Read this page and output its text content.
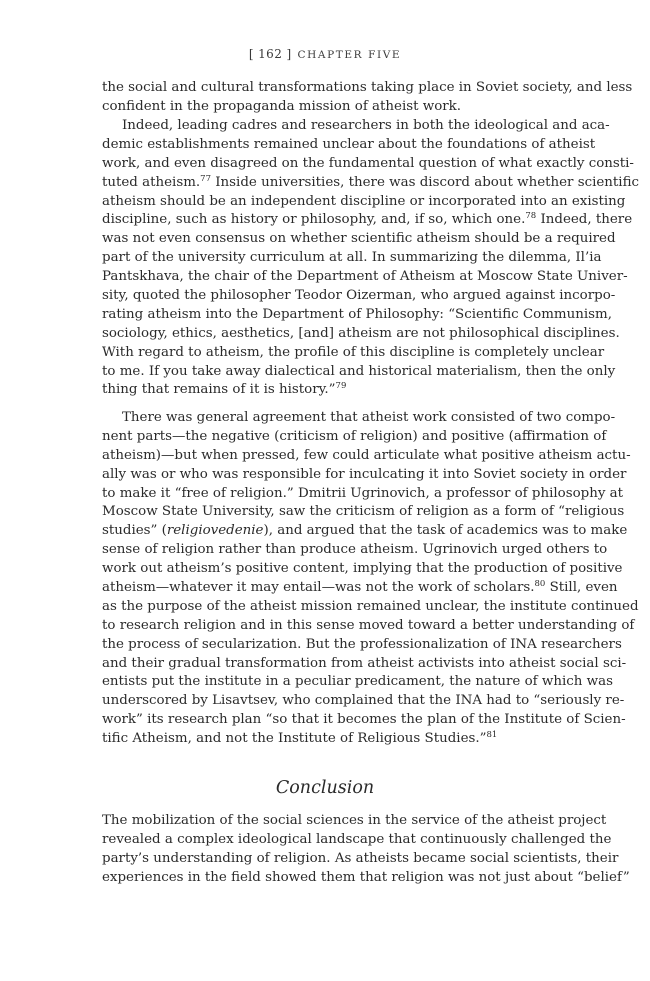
[ 162 ] CHAPTER FIVE
the social and cultural transformations taking place in Soviet society, and less
confident in the propaganda mission of atheist work.
Indeed, leading cadres and researchers in both the ideological and aca-
demic establishments remained unclear about the foundations of atheist
work, and even disagreed on the fundamental question of what exactly consti-
tuted atheism.$^{77}$ Inside universities, there was discord about whether scientific
atheism should be an independent discipline or incorporated into an existing
discipline, such as history or philosophy, and, if so, which one.$^{78}$ Indeed, there
was not even consensus on whether scientific atheism should be a required
part of the university curriculum at all. In summarizing the dilemma, Il’ia
Pantskhava, the chair of the Department of Atheism at Moscow State Univer-
sity, quoted the philosopher Teodor Oizerman, who argued against incorpo-
rating atheism into the Department of Philosophy: “Scientific Communism,
sociology, ethics, aesthetics, [and] atheism are not philosophical disciplines.
With regard to atheism, the profile of this discipline is completely unclear
to me. If you take away dialectical and historical materialism, then the only
thing that remains of it is history.”$^{79}$
There was general agreement that atheist work consisted of two compo-
nent parts—the negative (criticism of religion) and positive (affirmation of
atheism)—but when pressed, few could articulate what positive atheism actu-
ally was or who was responsible for inculcating it into Soviet society in order
to make it “free of religion.” Dmitrii Ugrinovich, a professor of philosophy at
Moscow State University, saw the criticism of religion as a form of “religious
studies” (religiovedenie), and argued that the task of academics was to make
sense of religion rather than produce atheism. Ugrinovich urged others to
work out atheism’s positive content, implying that the production of positive
atheism—whatever it may entail—was not the work of scholars.$^{80}$ Still, even
as the purpose of the atheist mission remained unclear, the institute continued
to research religion and in this sense moved toward a better understanding of
the process of secularization. But the professionalization of INA researchers
and their gradual transformation from atheist activists into atheist social sci-
entists put the institute in a peculiar predicament, the nature of which was
underscored by Lisavtsev, who complained that the INA had to “seriously re-
work” its research plan “so that it becomes the plan of the Institute of Scien-
tific Atheism, and not the Institute of Religious Studies.”$^{81}$
Conclusion
The mobilization of the social sciences in the service of the atheist project
revealed a complex ideological landscape that continuously challenged the
party’s understanding of religion. As atheists became social scientists, their
experiences in the field showed them that religion was not just about “belief”
